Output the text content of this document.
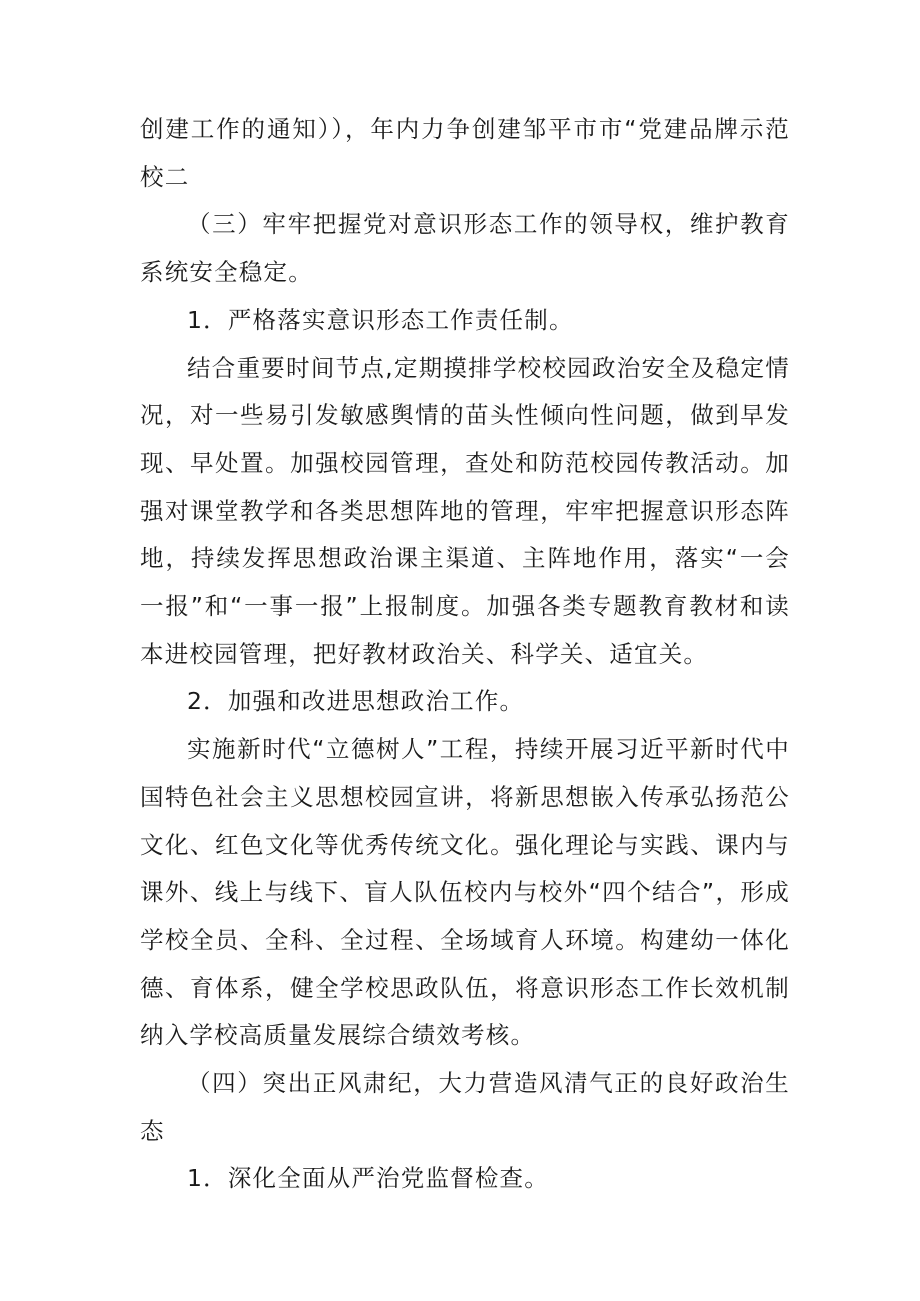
创建工作的通知）），年内力争创建邹平市市“党建品牌示范校二

（三）牢牢把握党对意识形态工作的领导权，维护教育系统安全稳定。

1．严格落实意识形态工作责任制。

结合重要时间节点,定期摸排学校校园政治安全及稳定情况，对一些易引发敏感舆情的苗头性倾向性问题，做到早发现、早处置。加强校园管理，查处和防范校园传教活动。加强对课堂教学和各类思想阵地的管理，牢牢把握意识形态阵地，持续发挥思想政治课主渠道、主阵地作用，落实“一会一报”和“一事一报”上报制度。加强各类专题教育教材和读本进校园管理，把好教材政治关、科学关、适宜关。

2．加强和改进思想政治工作。

实施新时代“立德树人”工程，持续开展习近平新时代中国特色社会主义思想校园宣讲，将新思想嵌入传承弘扬范公文化、红色文化等优秀传统文化。强化理论与实践、课内与课外、线上与线下、盲人队伍校内与校外“四个结合”，形成学校全员、全科、全过程、全场域育人环境。构建幼一体化德、育体系，健全学校思政队伍，将意识形态工作长效机制纳入学校高质量发展综合绩效考核。

（四）突出正风肃纪，大力营造风清气正的良好政治生态

1．深化全面从严治党监督检查。
